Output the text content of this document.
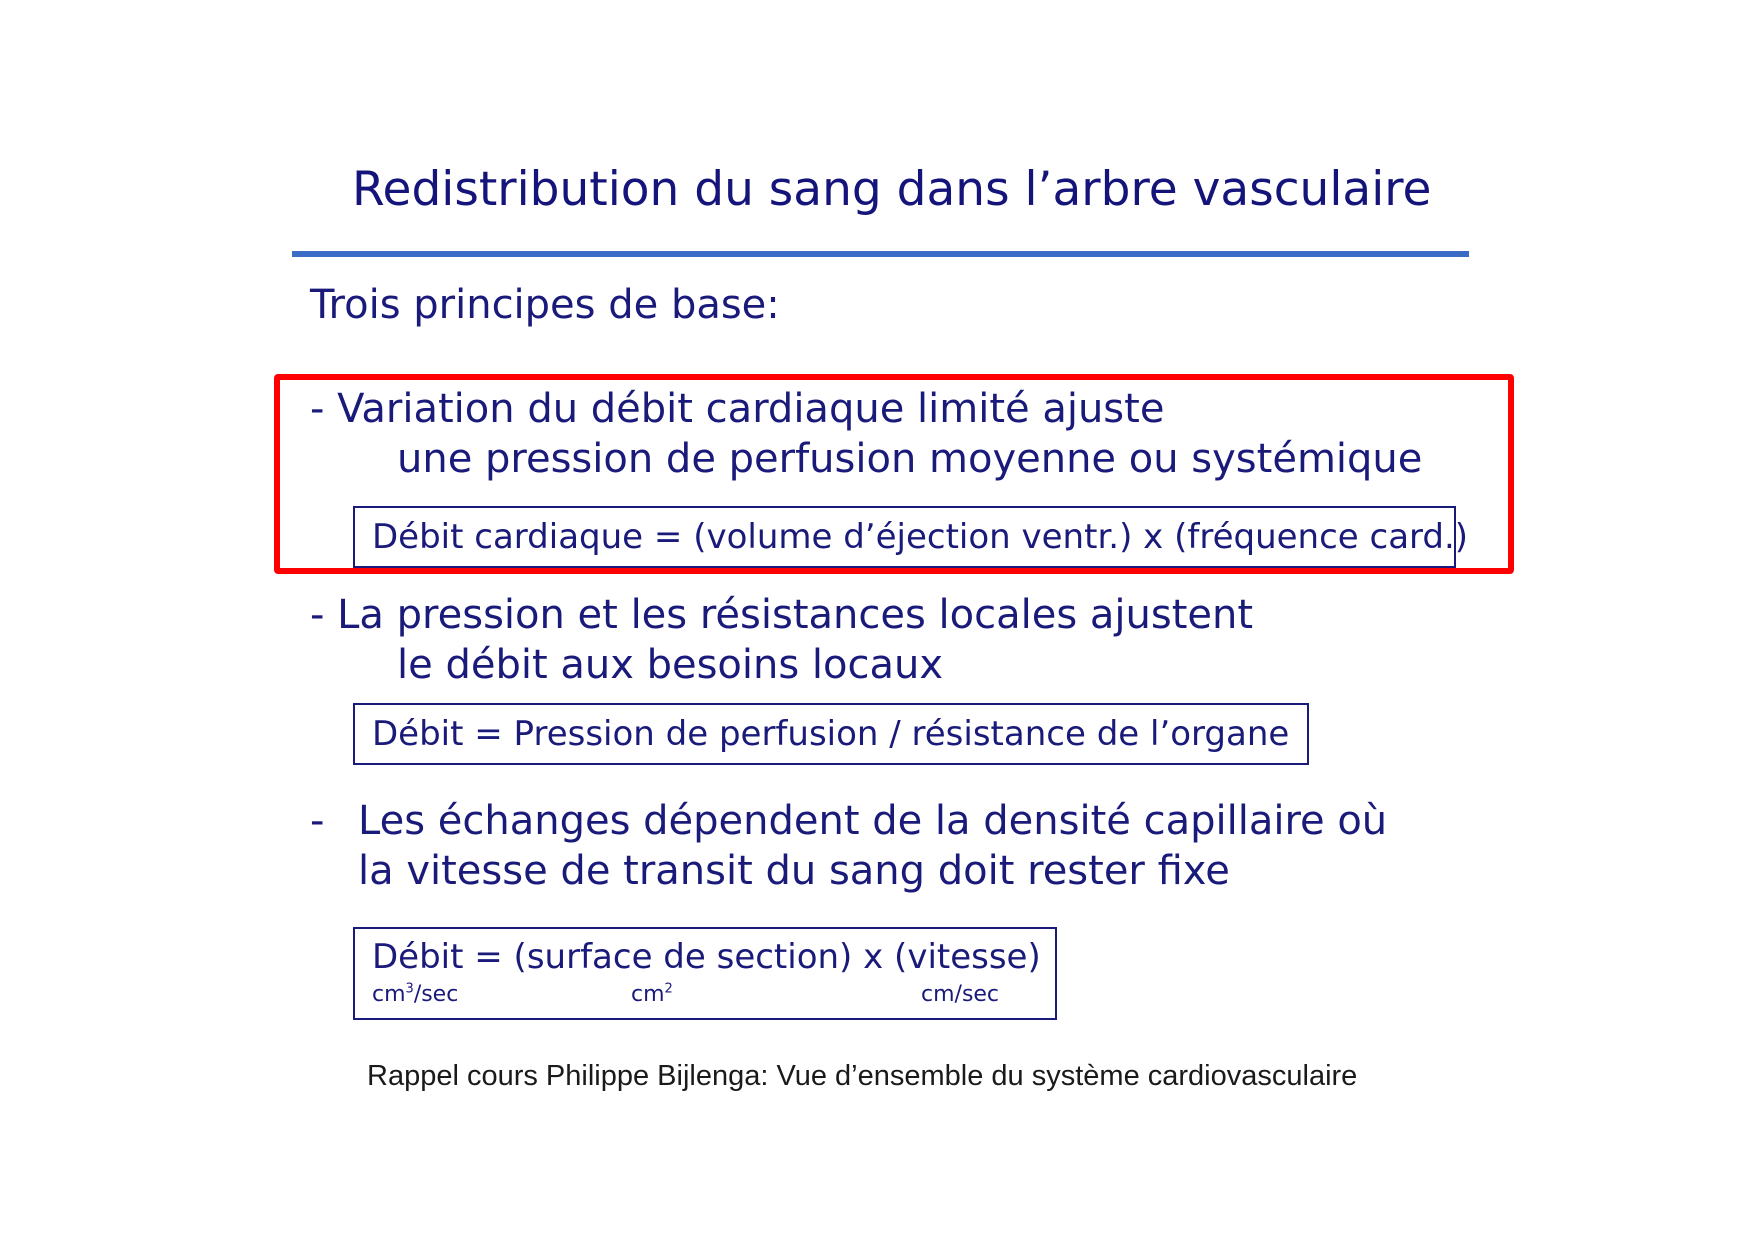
Redistribution du sang dans l’arbre vasculaire
Trois principes de base:
- Variation du débit cardiaque limité ajuste
une pression de perfusion moyenne ou systémique
Débit cardiaque = (volume d’éjection ventr.) x (fréquence card.)
- La pression et les résistances locales ajustent
le débit aux besoins locaux
Débit = Pression de perfusion / résistance de l’organe
- Les échanges dépendent de la densité capillaire où
la vitesse de transit du sang doit rester fixe
Débit = (surface de section) x (vitesse)
$cm^3/\sec$	$cm^2$	cm/sec
Rappel cours Philippe Bijlenga: Vue d’ensemble du système cardiovasculaire
